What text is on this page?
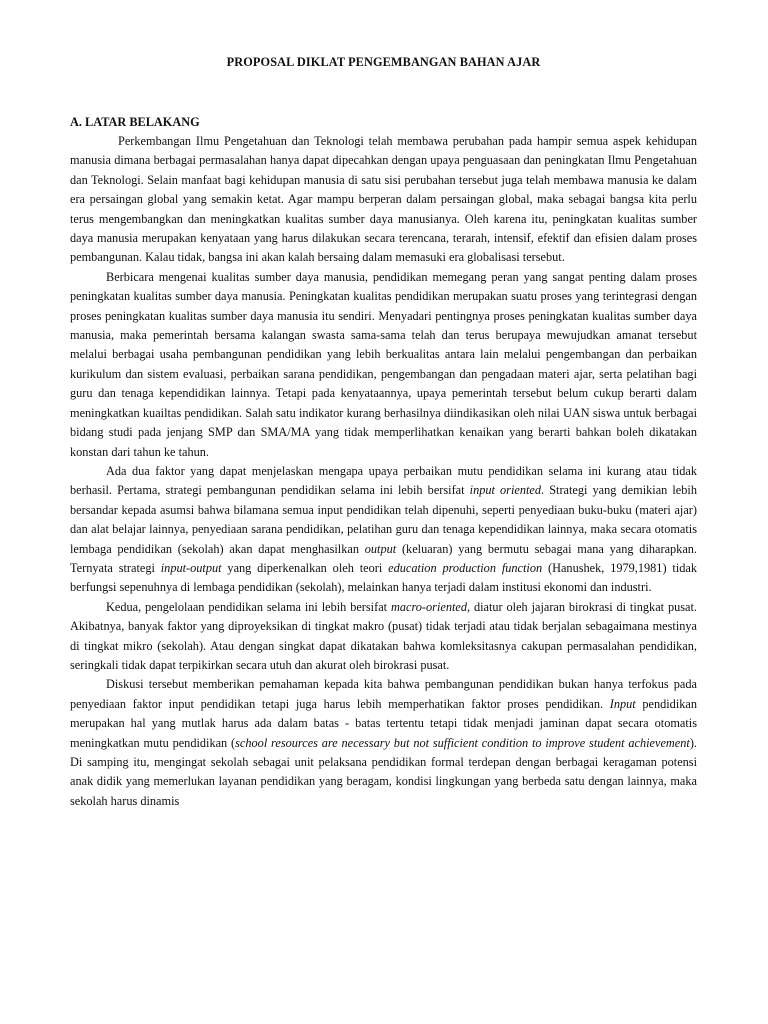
PROPOSAL DIKLAT PENGEMBANGAN BAHAN AJAR
A. LATAR BELAKANG

Perkembangan Ilmu Pengetahuan dan Teknologi telah membawa perubahan pada hampir semua aspek kehidupan manusia dimana berbagai permasalahan hanya dapat dipecahkan dengan upaya penguasaan dan peningkatan Ilmu Pengetahuan dan Teknologi. Selain manfaat bagi kehidupan manusia di satu sisi perubahan tersebut juga telah membawa manusia ke dalam era persaingan global yang semakin ketat. Agar mampu berperan dalam persaingan global, maka sebagai bangsa kita perlu terus mengembangkan dan meningkatkan kualitas sumber daya manusianya. Oleh karena itu, peningkatan kualitas sumber daya manusia merupakan kenyataan yang harus dilakukan secara terencana, terarah, intensif, efektif dan efisien dalam proses pembangunan. Kalau tidak, bangsa ini akan kalah bersaing dalam memasuki era globalisasi tersebut.

Berbicara mengenai kualitas sumber daya manusia, pendidikan memegang peran yang sangat penting dalam proses peningkatan kualitas sumber daya manusia. Peningkatan kualitas pendidikan merupakan suatu proses yang terintegrasi dengan proses peningkatan kualitas sumber daya manusia itu sendiri. Menyadari pentingnya proses peningkatan kualitas sumber daya manusia, maka pemerintah bersama kalangan swasta sama-sama telah dan terus berupaya mewujudkan amanat tersebut melalui berbagai usaha pembangunan pendidikan yang lebih berkualitas antara lain melalui pengembangan dan perbaikan kurikulum dan sistem evaluasi, perbaikan sarana pendidikan, pengembangan dan pengadaan materi ajar, serta pelatihan bagi guru dan tenaga kependidikan lainnya. Tetapi pada kenyataannya, upaya pemerintah tersebut belum cukup berarti dalam meningkatkan kuailtas pendidikan. Salah satu indikator kurang berhasilnya diindikasikan oleh nilai UAN siswa untuk berbagai bidang studi pada jenjang SMP dan SMA/MA yang tidak memperlihatkan kenaikan yang berarti bahkan boleh dikatakan konstan dari tahun ke tahun.

Ada dua faktor yang dapat menjelaskan mengapa upaya perbaikan mutu pendidikan selama ini kurang atau tidak berhasil. Pertama, strategi pembangunan pendidikan selama ini lebih bersifat input oriented. Strategi yang demikian lebih bersandar kepada asumsi bahwa bilamana semua input pendidikan telah dipenuhi, seperti penyediaan buku-buku (materi ajar) dan alat belajar lainnya, penyediaan sarana pendidikan, pelatihan guru dan tenaga kependidikan lainnya, maka secara otomatis lembaga pendidikan (sekolah) akan dapat menghasilkan output (keluaran) yang bermutu sebagai mana yang diharapkan. Ternyata strategi input-output yang diperkenalkan oleh teori education production function (Hanushek, 1979,1981) tidak berfungsi sepenuhnya di lembaga pendidikan (sekolah), melainkan hanya terjadi dalam institusi ekonomi dan industri.

Kedua, pengelolaan pendidikan selama ini lebih bersifat macro-oriented, diatur oleh jajaran birokrasi di tingkat pusat. Akibatnya, banyak faktor yang diproyeksikan di tingkat makro (pusat) tidak terjadi atau tidak berjalan sebagaimana mestinya di tingkat mikro (sekolah). Atau dengan singkat dapat dikatakan bahwa komleksitasnya cakupan permasalahan pendidikan, seringkali tidak dapat terpikirkan secara utuh dan akurat oleh birokrasi pusat.

Diskusi tersebut memberikan pemahaman kepada kita bahwa pembangunan pendidikan bukan hanya terfokus pada penyediaan faktor input pendidikan tetapi juga harus lebih memperhatikan faktor proses pendidikan. Input pendidikan merupakan hal yang mutlak harus ada dalam batas - batas tertentu tetapi tidak menjadi jaminan dapat secara otomatis meningkatkan mutu pendidikan (school resources are necessary but not sufficient condition to improve student achievement). Di samping itu, mengingat sekolah sebagai unit pelaksana pendidikan formal terdepan dengan berbagai keragaman potensi anak didik yang memerlukan layanan pendidikan yang beragam, kondisi lingkungan yang berbeda satu dengan lainnya, maka sekolah harus dinamis
